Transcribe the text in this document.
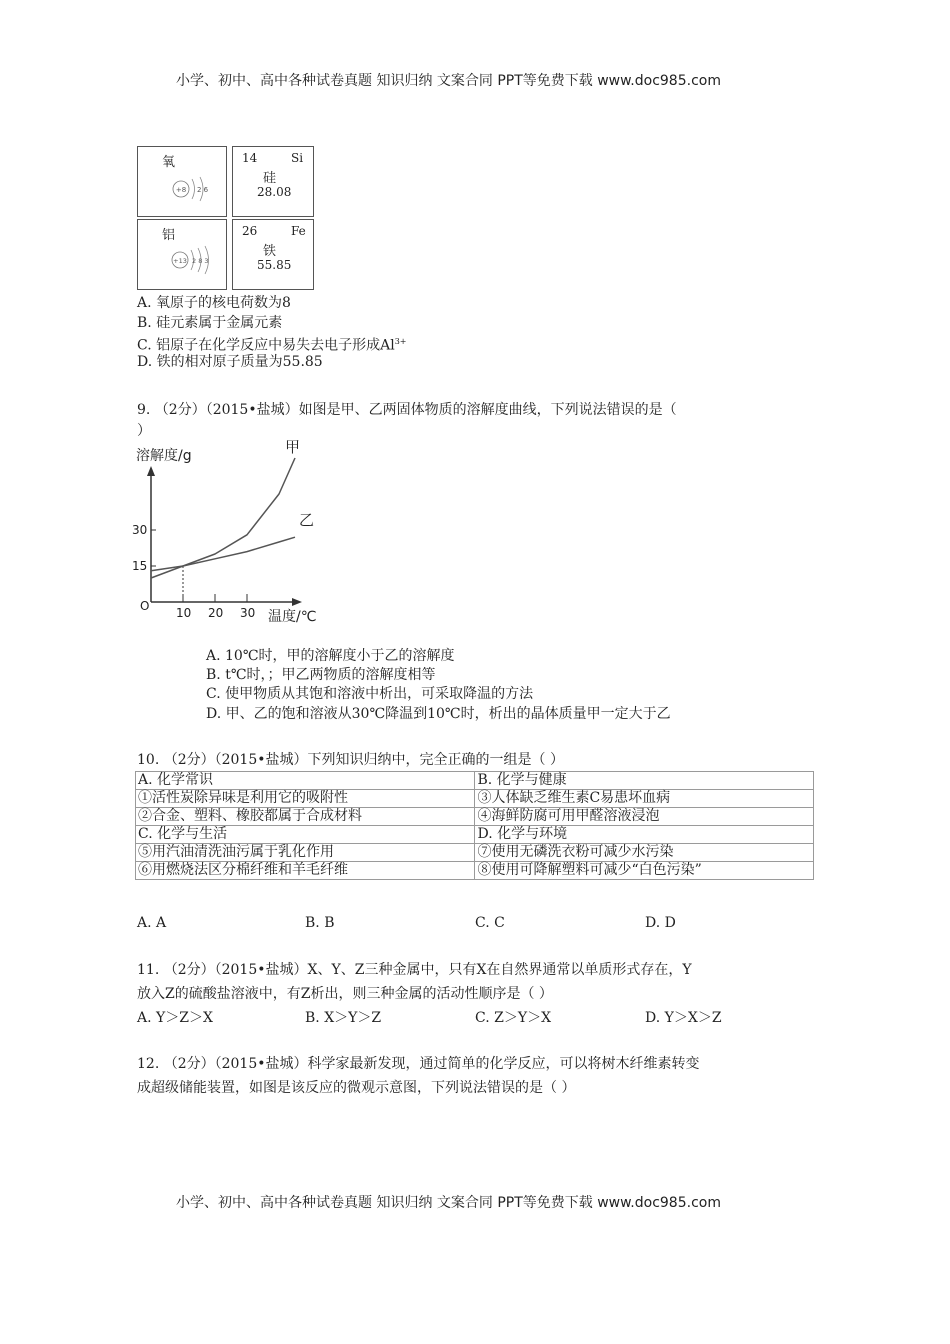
小学、初中、高中各种试卷真题 知识归纳 文案合同 PPT等免费下载 www.doc985.com
氧
+8 2 6
14	Si
硅
28.08
铝
+13 2 8 3
26	Fe
铁
55.85
A. 氧原子的核电荷数为8
B. 硅元素属于金属元素
C. 铝原子在化学反应中易失去电子形成$Al^{3+}$
D. 铁的相对原子质量为55.85
9. （2分）（2015•盐城）如图是甲、乙两固体物质的溶解度曲线，下列说法错误的是（
）
溶解度/g
温度/℃
O
15
30
10 20 30
甲
乙
A. 10℃时，甲的溶解度小于乙的溶解度
B. t℃时，；甲乙两物质的溶解度相等
C. 使甲物质从其饱和溶液中析出，可采取降温的方法
D. 甲、乙的饱和溶液从30℃降温到10℃时，析出的晶体质量甲一定大于乙
10. （2分）（2015•盐城）下列知识归纳中，完全正确的一组是（ ）
A. 化学常识	B. 化学与健康
①活性炭除异味是利用它的吸附性	③人体缺乏维生素C易患坏血病
②合金、塑料、橡胶都属于合成材料	④海鲜防腐可用甲醛溶液浸泡
C. 化学与生活	D. 化学与环境
⑤用汽油清洗油污属于乳化作用	⑦使用无磷洗衣粉可减少水污染
⑥用燃烧法区分棉纤维和羊毛纤维	⑧使用可降解塑料可减少“白色污染”
A. A	B. B	C. C	D. D
11. （2分）（2015•盐城）X、Y、Z三种金属中，只有X在自然界通常以单质形式存在，Y
放入Z的硫酸盐溶液中，有Z析出，则三种金属的活动性顺序是（ ）
A. Y＞Z＞X	B. X＞Y＞Z	C. Z＞Y＞X	D. Y＞X＞Z
12. （2分）（2015•盐城）科学家最新发现，通过简单的化学反应，可以将树木纤维素转变
成超级储能装置，如图是该反应的微观示意图，下列说法错误的是（ ）
小学、初中、高中各种试卷真题 知识归纳 文案合同 PPT等免费下载 www.doc985.com
